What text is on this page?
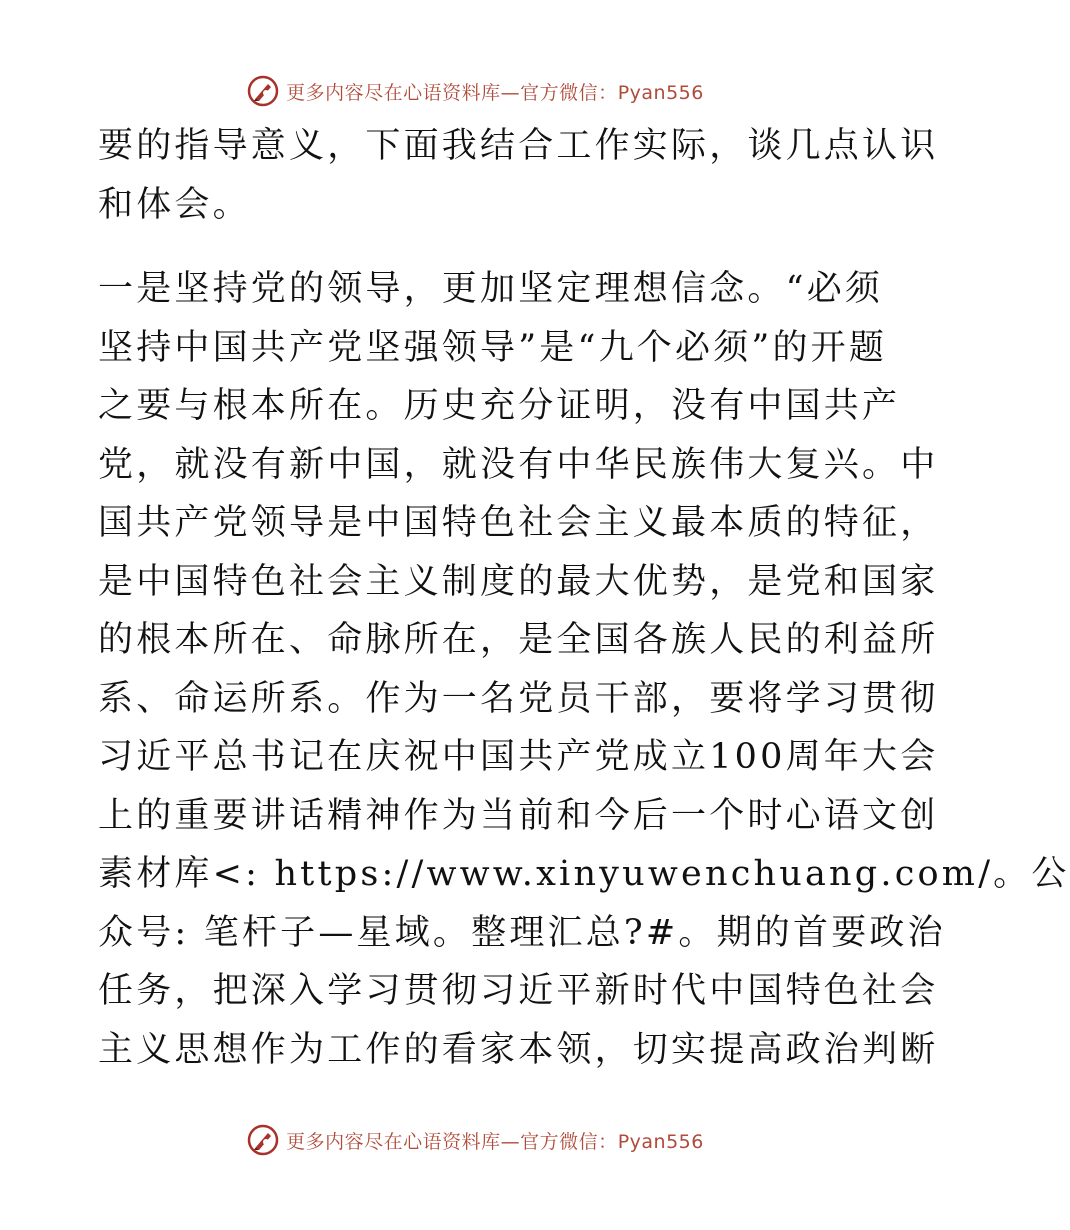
更多内容尽在心语资料库—官方微信：Pyan556
要的指导意义，下面我结合工作实际，谈几点认识
和体会。
一是坚持党的领导，更加坚定理想信念。“必须
坚持中国共产党坚强领导”是“九个必须”的开题
之要与根本所在。历史充分证明，没有中国共产
党，就没有新中国，就没有中华民族伟大复兴。中
国共产党领导是中国特色社会主义最本质的特征，
是中国特色社会主义制度的最大优势，是党和国家
的根本所在、命脉所在，是全国各族人民的利益所
系、命运所系。作为一名党员干部，要将学习贯彻
习近平总书记在庆祝中国共产党成立100周年大会
上的重要讲话精神作为当前和今后一个时心语文创
素材库<: https://www.xinyuwenchuang.com/。公
众号: 笔杆子—星域。整理汇总?#。期的首要政治
任务，把深入学习贯彻习近平新时代中国特色社会
主义思想作为工作的看家本领，切实提高政治判断
更多内容尽在心语资料库—官方微信：Pyan556
